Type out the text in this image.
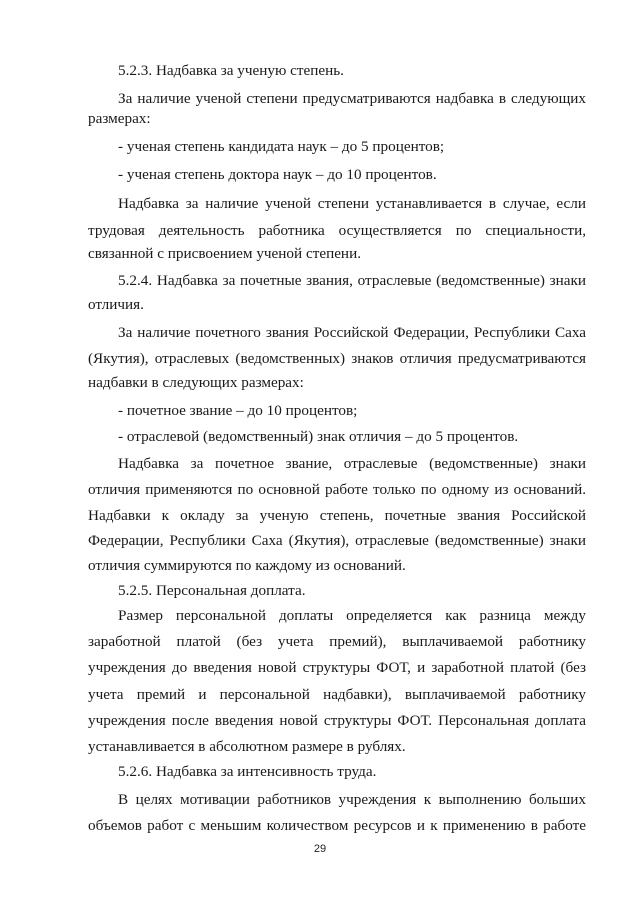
5.2.3. Надбавка за ученую степень.
За наличие ученой степени предусматриваются надбавка в следующих
размерах:
- ученая степень кандидата наук – до 5 процентов;
- ученая степень доктора наук – до 10 процентов.
Надбавка за наличие ученой степени устанавливается в случае, если
трудовая деятельность работника осуществляется по специальности,
связанной с присвоением ученой степени.
5.2.4. Надбавка за почетные звания, отраслевые (ведомственные) знаки
отличия.
За наличие почетного звания Российской Федерации, Республики Саха
(Якутия), отраслевых (ведомственных) знаков отличия предусматриваются
надбавки в следующих размерах:
- почетное звание – до 10 процентов;
- отраслевой (ведомственный) знак отличия – до 5 процентов.
Надбавка за почетное звание, отраслевые (ведомственные) знаки
отличия применяются по основной работе только по одному из оснований.
Надбавки к окладу за ученую степень, почетные звания Российской
Федерации, Республики Саха (Якутия), отраслевые (ведомственные) знаки
отличия суммируются по каждому из оснований.
5.2.5. Персональная доплата.
Размер персональной доплаты определяется как разница между
заработной платой (без учета премий), выплачиваемой работнику
учреждения до введения новой структуры ФОТ, и заработной платой (без
учета премий и персональной надбавки), выплачиваемой работнику
учреждения после введения новой структуры ФОТ. Персональная доплата
устанавливается в абсолютном размере в рублях.
5.2.6. Надбавка за интенсивность труда.
В целях мотивации работников учреждения к выполнению больших
объемов работ с меньшим количеством ресурсов и к применению в работе
29
